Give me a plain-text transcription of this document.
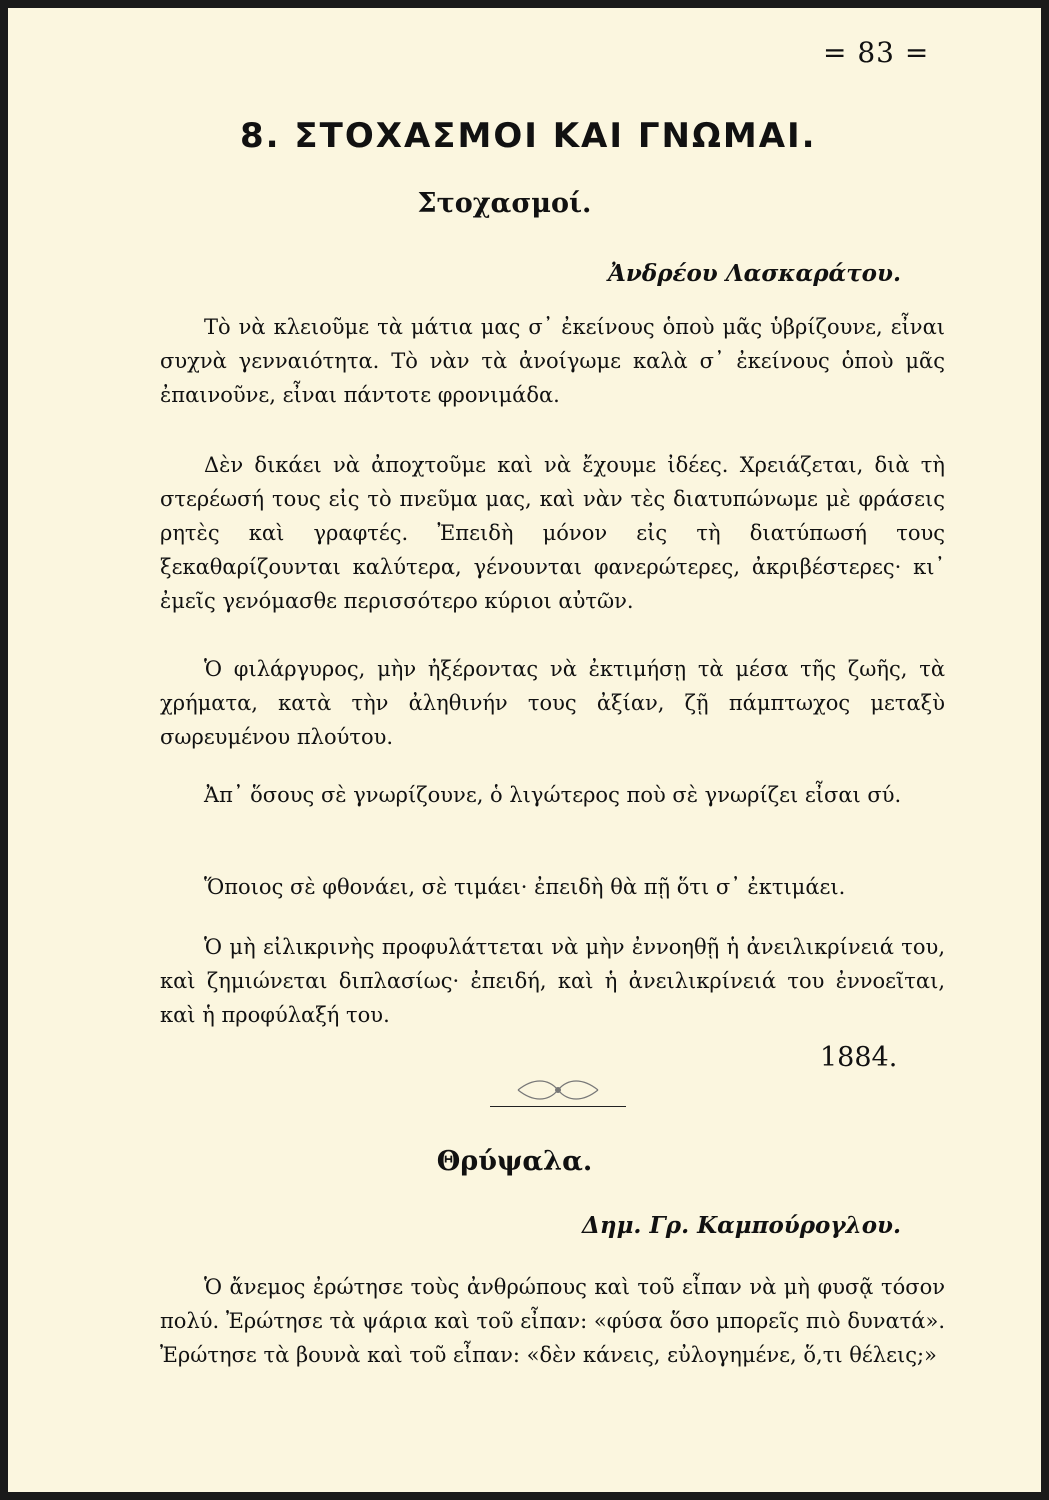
= 83 =
8. ΣΤΟΧΑΣΜΟΙ ΚΑΙ ΓΝΩΜΑΙ.
Στοχασμοί.
Ἀνδρέου Λασκαράτου.

Τὸ νὰ κλειοῦμε τὰ μάτια μας σ᾽ ἐκείνους ὁποὺ μᾶς ὑβρίζουνε, εἶναι συχνὰ γενναιότητα. Τὸ νὰν τὰ ἀνοίγωμε καλὰ σ᾽ ἐκείνους ὁποὺ μᾶς ἐπαινοῦνε, εἶναι πάντοτε φρονιμάδα.

Δὲν δικάει νὰ ἀποχτοῦμε καὶ νὰ ἔχουμε ἰδέες. Χρειάζεται, διὰ τὴ στερέωσή τους εἰς τὸ πνεῦμα μας, καὶ νὰν τὲς διατυπώνωμε μὲ φράσεις ρητὲς καὶ γραφτές. Ἐπειδὴ μόνον εἰς τὴ διατύπωσή τους ξεκαθαρίζουνται καλύτερα, γένουνται φανερώτερες, ἀκριβέστερες· κι᾽ ἐμεῖς γενόμασθε περισσότερο κύριοι αὐτῶν.

Ὁ φιλάργυρος, μὴν ἠξέροντας νὰ ἐκτιμήσῃ τὰ μέσα τῆς ζωῆς, τὰ χρήματα, κατὰ τὴν ἀληθινήν τους ἀξίαν, ζῇ πάμπτωχος μεταξὺ σωρευμένου πλούτου.

Ἀπ᾽ ὅσους σὲ γνωρίζουνε, ὁ λιγώτερος ποὺ σὲ γνωρίζει εἶσαι σύ.

Ὅποιος σὲ φθονάει, σὲ τιμάει· ἐπειδὴ θὰ πῇ ὅτι σ᾽ ἐκτιμάει.

Ὁ μὴ εἰλικρινὴς προφυλάττεται νὰ μὴν ἐννοηθῇ ἡ ἀνειλικρίνειά του, καὶ ζημιώνεται διπλασίως· ἐπειδή, καὶ ἡ ἀνειλικρίνειά του ἐννοεῖται, καὶ ἡ προφύλαξή του.

1884.
Θρύψαλα.
Δημ. Γρ. Καμπούρογλου.

Ὁ ἄνεμος ἐρώτησε τοὺς ἀνθρώπους καὶ τοῦ εἶπαν νὰ μὴ φυσᾷ τόσον πολύ. Ἐρώτησε τὰ ψάρια καὶ τοῦ εἶπαν: «φύσα ὅσο μπορεῖς πιὸ δυνατά». Ἐρώτησε τὰ βουνὰ καὶ τοῦ εἶπαν: «δὲν κάνεις, εὐλογημένε, ὅ,τι θέλεις;»
